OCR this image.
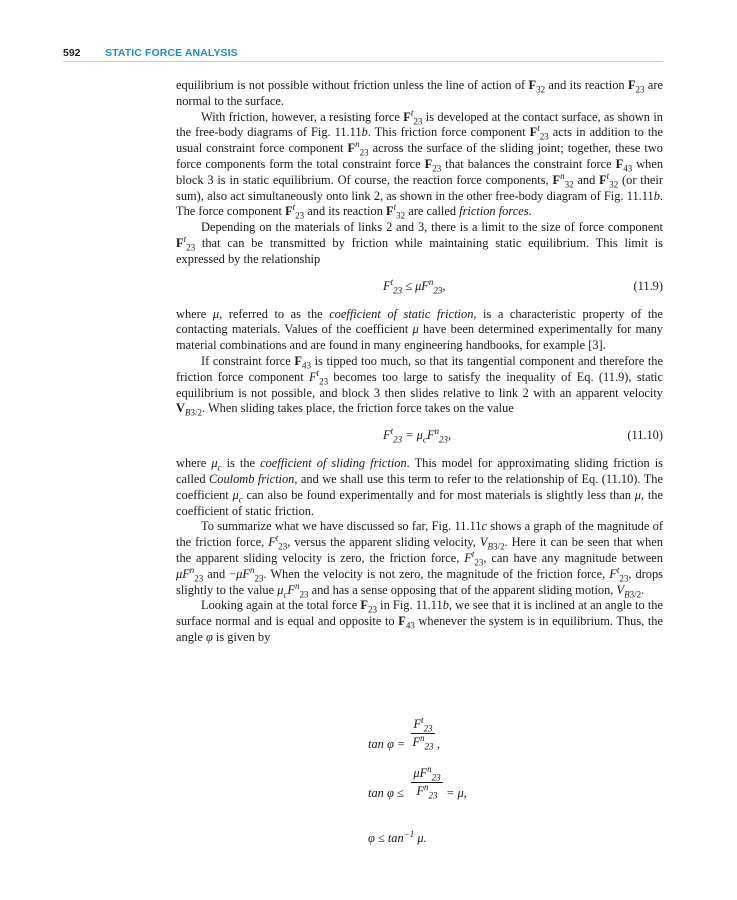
592 STATIC FORCE ANALYSIS

equilibrium is not possible without friction unless the line of action of $F_{32}$ and its reaction $F_{23}$ are normal to the surface.

With friction, however, a resisting force $F^t_{23}$ is developed at the contact surface, as shown in the free-body diagrams of Fig. 11.11b. This friction force component $F^t_{23}$ acts in addition to the usual constraint force component $F^n_{23}$ across the surface of the sliding joint; together, these two force components form the total constraint force $F_{23}$ that balances the constraint force $F_{43}$ when block 3 is in static equilibrium. Of course, the reaction force components, $F^n_{32}$ and $F^t_{32}$ (or their sum), also act simultaneously onto link 2, as shown in the other free-body diagram of Fig. 11.11b. The force component $F^t_{23}$ and its reaction $F^t_{32}$ are called friction forces.

Depending on the materials of links 2 and 3, there is a limit to the size of force component $F^t_{23}$ that can be transmitted by friction while maintaining static equilibrium. This limit is expressed by the relationship

$F^t_{23} \le \mu F^n_{23}$,	(11.9)

where μ, referred to as the coefficient of static friction, is a characteristic property of the contacting materials. Values of the coefficient μ have been determined experimentally for many material combinations and are found in many engineering handbooks, for example [3].

If constraint force $F_{43}$ is tipped too much, so that its tangential component and therefore the friction force component $F^t_{23}$ becomes too large to satisfy the inequality of Eq. (11.9), static equilibrium is not possible, and block 3 then slides relative to link 2 with an apparent velocity $V_{B3/2}$. When sliding takes place, the friction force takes on the value

$F^t_{23} = \mu_cF^n_{23}$,	(11.10)

where $\mu_c$ is the coefficient of sliding friction. This model for approximating sliding friction is called Coulomb friction, and we shall use this term to refer to the relationship of Eq. (11.10). The coefficient $\mu_c$ can also be found experimentally and for most materials is slightly less than μ, the coefficient of static friction.

To summarize what we have discussed so far, Fig. 11.11c shows a graph of the magnitude of the friction force, $F^t_{23}$, versus the apparent sliding velocity, $V_{B3/2}$. Here it can be seen that when the apparent sliding velocity is zero, the friction force, $F^t_{23}$, can have any magnitude between $\mu F^n_{23}$ and $-\mu F^n_{23}$. When the velocity is not zero, the magnitude of the friction force, $F^t_{23}$, drops slightly to the value $\mu_cF^n_{23}$ and has a sense opposing that of the apparent sliding motion, $V_{B3/2}$.

Looking again at the total force $F_{23}$ in Fig. 11.11b, we see that it is inclined at an angle to the surface normal and is equal and opposite to $F_{43}$ whenever the system is in equilibrium. Thus, the angle φ is given by

tan φ =
$F^t_{23}$
$F^n_{23}$ ,
tan φ ≤
$\mu F^n_{23}$
$F^n_{23} = \mu$,
$\varphi \le \tan^{-1} \mu$.
